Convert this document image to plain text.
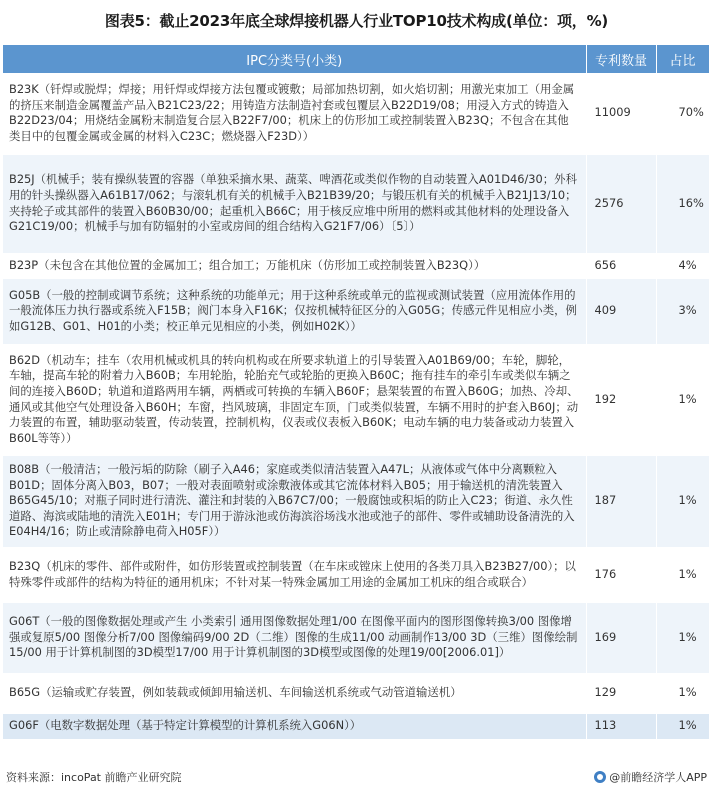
图表5：截止2023年底全球焊接机器人行业TOP10技术构成(单位：项，%)
IPC分类号(小类)	专利数量	占比
B23K（钎焊或脱焊；焊接；用钎焊或焊接方法包覆或镀敷；局部加热切割，如火焰切割；用激光束加工（用金属的挤压来制造金属覆盖产品入B21C23/22；用铸造方法制造衬套或包覆层入B22D19/08；用浸入方式的铸造入B22D23/04；用烧结金属粉末制造复合层入B22F7/00；机床上的仿形加工或控制装置入B23Q；不包含在其他类目中的包覆金属或金属的材料入C23C；燃烧器入F23D））	11009	70%
B25J（机械手；装有操纵装置的容器（单独采摘水果、蔬菜、啤酒花或类似作物的自动装置入A01D46/30；外科用的针头操纵器入A61B17/062；与滚轧机有关的机械手入B21B39/20；与锻压机有关的机械手入B21J13/10；夹持轮子或其部件的装置入B60B30/00；起重机入B66C；用于核反应堆中所用的燃料或其他材料的处理设备入G21C19/00；机械手与加有防辐射的小室或房间的组合结构入G21F7/06）〔5〕）	2576	16%
B23P（未包含在其他位置的金属加工；组合加工；万能机床（仿形加工或控制装置入B23Q））	656	4%
G05B（一般的控制或调节系统；这种系统的功能单元；用于这种系统或单元的监视或测试装置（应用流体作用的一般流体压力执行器或系统入F15B；阀门本身入F16K；仅按机械特征区分的入G05G；传感元件见相应小类，例如G12B、G01、H01的小类；校正单元见相应的小类，例如H02K））	409	3%
B62D（机动车；挂车（农用机械或机具的转向机构或在所要求轨道上的引导装置入A01B69/00；车轮，脚轮，车轴，提高车轮的附着力入B60B；车用轮胎，轮胎充气或轮胎的更换入B60C；拖有挂车的牵引车或类似车辆之间的连接入B60D；轨道和道路两用车辆，两栖或可转换的车辆入B60F；悬架装置的布置入B60G；加热、冷却、通风或其他空气处理设备入B60H；车窗，挡风玻璃，非固定车顶，门或类似装置，车辆不用时的护套入B60J；动力装置的布置，辅助驱动装置，传动装置，控制机构，仪表或仪表板入B60K；电动车辆的电力装备或动力装置入B60L等等））	192	1%
B08B（一般清洁；一般污垢的防除（刷子入A46；家庭或类似清洁装置入A47L；从液体或气体中分离颗粒入B01D；固体分离入B03，B07；一般对表面喷射或涂敷液体或其它流体材料入B05；用于输送机的清洗装置入B65G45/10；对瓶子同时进行清洗、灌注和封装的入B67C7/00；一般腐蚀或积垢的防止入C23；街道、永久性道路、海滨或陆地的清洗入E01H；专门用于游泳池或仿海滨浴场浅水池或池子的部件、零件或辅助设备清洗的入E04H4/16；防止或清除静电荷入H05F））	187	1%
B23Q（机床的零件、部件或附件，如仿形装置或控制装置（在车床或镗床上使用的各类刀具入B23B27/00）；以特殊零件或部件的结构为特征的通用机床；不针对某一特殊金属加工用途的金属加工机床的组合或联合）	176	1%
G06T（一般的图像数据处理或产生 小类索引 通用图像数据处理1/00 在图像平面内的图形图像转换3/00 图像增强或复原5/00 图像分析7/00 图像编码9/00 2D（二维）图像的生成11/00 动画制作13/00 3D（三维）图像绘制15/00 用于计算机制图的3D模型17/00 用于计算机制图的3D模型或图像的处理19/00[2006.01]）	169	1%
B65G（运输或贮存装置，例如装载或倾卸用输送机、车间输送机系统或气动管道输送机）	129	1%
G06F（电数字数据处理（基于特定计算模型的计算机系统入G06N））	113	1%
资料来源：incoPat 前瞻产业研究院	@前瞻经济学人APP
